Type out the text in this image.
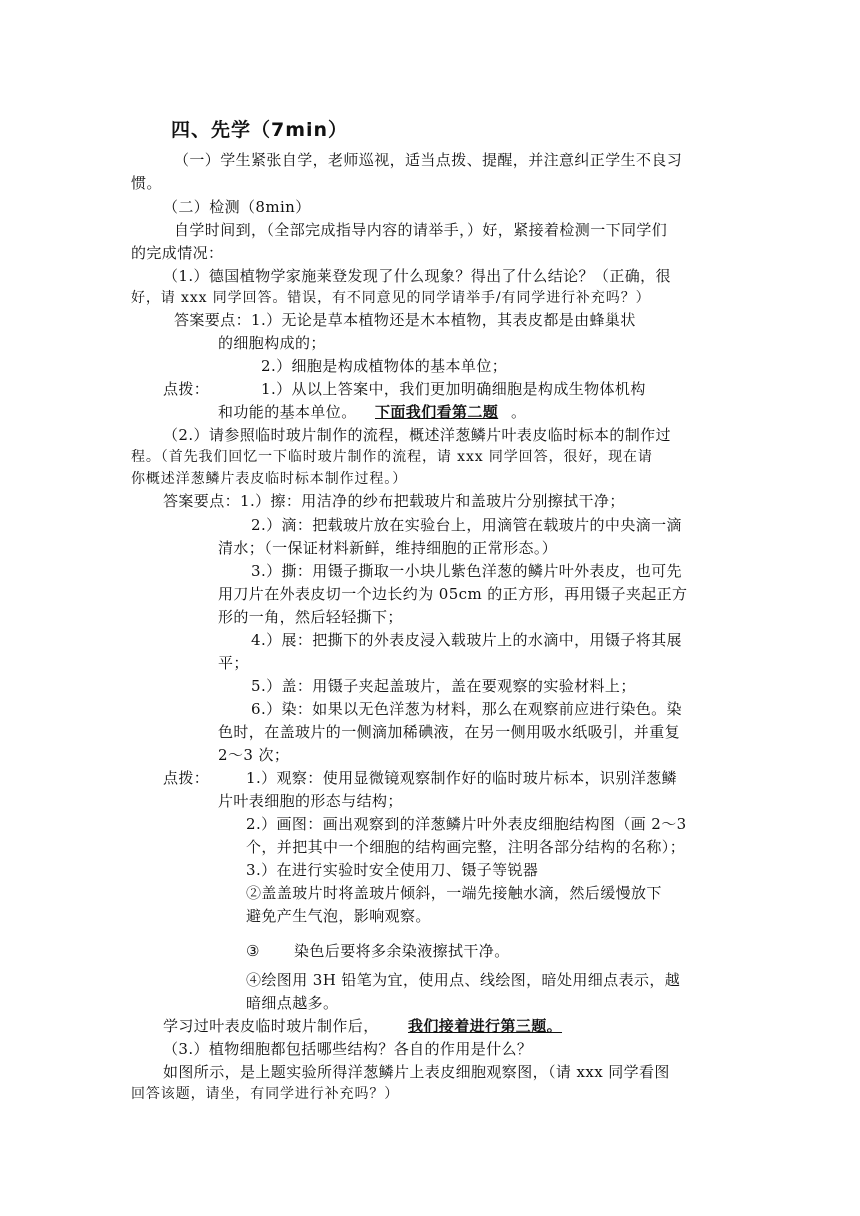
四、先学（7min）
（一）学生紧张自学，老师巡视，适当点拨、提醒，并注意纠正学生不良习
惯。
（二）检测（8min）
自学时间到，（全部完成指导内容的请举手，）好，紧接着检测一下同学们
的完成情况：
（1.）德国植物学家施莱登发现了什么现象？得出了什么结论？（正确，很
好，请 xxx 同学回答。错误，有不同意见的同学请举手/有同学进行补充吗？）
答案要点：1.）无论是草本植物还是木本植物，其表皮都是由蜂巢状
的细胞构成的；
2.）细胞是构成植物体的基本单位；
点拨：	1.）从以上答案中，我们更加明确细胞是构成生物体机构
和功能的基本单位。 下面我们看第二题 。
（2.）请参照临时玻片制作的流程，概述洋葱鳞片叶表皮临时标本的制作过
程。（首先我们回忆一下临时玻片制作的流程，请 xxx 同学回答，很好，现在请
你概述洋葱鳞片表皮临时标本制作过程。）
答案要点：1.）擦：用洁净的纱布把载玻片和盖玻片分别擦拭干净；
2.）滴：把载玻片放在实验台上，用滴管在载玻片的中央滴一滴
清水；（一保证材料新鲜，维持细胞的正常形态。）
3.）撕：用镊子撕取一小块儿紫色洋葱的鳞片叶外表皮，也可先
用刀片在外表皮切一个边长约为 05cm 的正方形，再用镊子夹起正方
形的一角，然后轻轻撕下；
4.）展：把撕下的外表皮浸入载玻片上的水滴中，用镊子将其展
平；
5.）盖：用镊子夹起盖玻片，盖在要观察的实验材料上；
6.）染：如果以无色洋葱为材料，那么在观察前应进行染色。染
色时，在盖玻片的一侧滴加稀碘液，在另一侧用吸水纸吸引，并重复
2～3 次；
点拨： 1.）观察：使用显微镜观察制作好的临时玻片标本，识别洋葱鳞
片叶表细胞的形态与结构；
2.）画图：画出观察到的洋葱鳞片叶外表皮细胞结构图（画 2～3
个，并把其中一个细胞的结构画完整，注明各部分结构的名称）；
3.）在进行实验时安全使用刀、镊子等锐器
②盖盖玻片时将盖玻片倾斜，一端先接触水滴，然后缓慢放下
避免产生气泡，影响观察。
③ 染色后要将多余染液擦拭干净。
④绘图用 3H 铅笔为宜，使用点、线绘图，暗处用细点表示，越
暗细点越多。
学习过叶表皮临时玻片制作后， 我们接着进行第三题。
（3.）植物细胞都包括哪些结构？各自的作用是什么？
如图所示，是上题实验所得洋葱鳞片上表皮细胞观察图，（请 xxx 同学看图
回答该题，请坐，有同学进行补充吗？）
